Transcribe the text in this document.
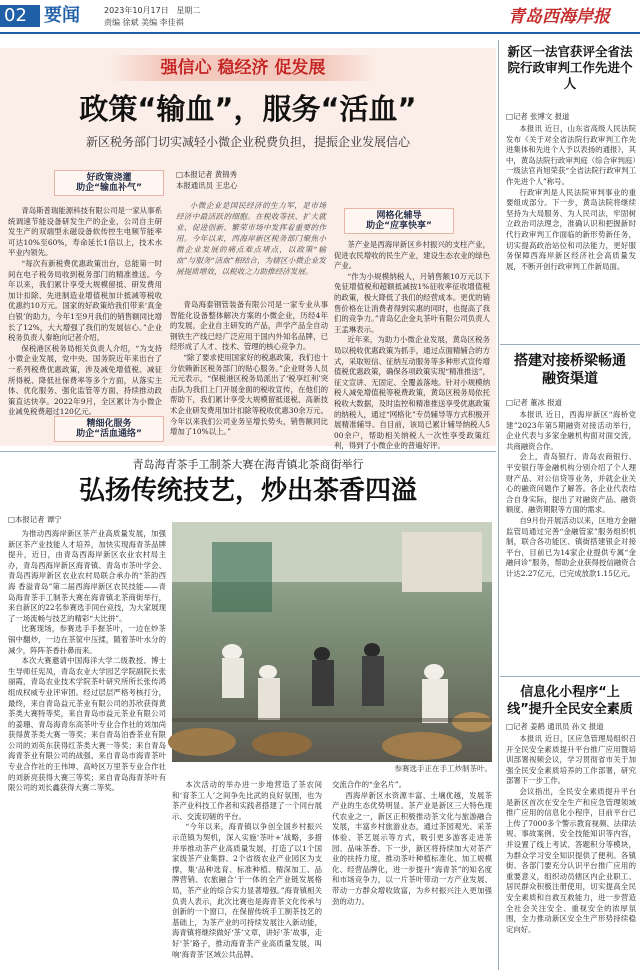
02 要闻	2023年10月17日 星期二
责编 徐斌 美编 李佳祺	青岛西海岸报
强信心 稳经济 促发展
政策“输血”，服务“活血”
新区税务部门切实减轻小微企业税费负担，提振企业发展信心
好政策浇灌
助企“输血补气”

青岛斯普瑞能源科技有限公司是一家从事系统调速节能设备研发生产的企业，公司自主研发生产的双端型永磁设备软传控生电频节能率可达10%至60%，寿命延长1倍以上，技术水平业内领先。

“每次有新税费优惠政策出台，总能第一时间在电子税务局收到税务部门的精准推送。今年以来，我们累计享受大规模留抵、研发费用加计扣除、先进制造业增值税加计抵减等税收优惠约10万元。国家的好政策给我们带来‘真金白银’的助力，今年1至9月我们的销售额同比增长了12%，大大增强了我们的发展信心。”企业税务负责人秦艳向记者介绍。

保税港区税务局相关负责人介绍，“为支持小微企业发展，党中央、国务院近年来出台了一系列税费优惠政策，涉及减免增值税、减征所得税、降低社保费率等多个方面，从落实主体、优化服务、强化监管等方面，持续推动政策直达快享。2022年9月，全区累计为小微企业减免税费超过120亿元。

精细化服务
助企“活血通络”
□本报记者 黄锦秀
本报通讯员 王忠心
小微企业是国民经济的生力军，是市场经济中最活跃的细胞。在税收等扶、扩大就业、促进创新、繁荣市场中发挥着重要的作用。今年以来，西海岸新区税务部门聚焦小微企业发展的痛点难点堵点，以政策“输血”与服务“活血”相结合，为辖区小微企业发展提质增效，以税收之力助推经济发展。

青岛海泰钢管装备有限公司是一家专业从事智能化设备整体解决方案的小微企业，历经4年的发展，企业自主研发的产品，声学产品全自动钢铁生产线已经广泛应用于国内外知名品牌，已经形成了人才、技术、管理的核心竞争力。

“除了要求使用国家好的税惠政策，我们也十分依赖新区税务部门的贴心服务。”企业财务人员元元表示，“保税港区税务局派出了‘税享红利’突击队为我们上门开展金面的税收宣传，在他们的帮助下，我们累计享受大规模留抵退税、高新技术企业研发费用加计扣除等税收优惠30余万元。今年以来我们公司业务呈增长势头，销售额同比增加了10%以上。”

网格化辅导
助企“应享快享”

茶产业是西海岸新区乡村振兴的支柱产业，促进农民增收的民生产业，建设生态农业的绿色产业。

“作为小规模纳税人，月销售额10万元以下免征增值税和超额抵减按1%征收率征收增值税的政策，极大降低了我们的经营成本。更优的销售价格在让消费者得到实惠的同时，也提高了我们的竞争力。”青岛亿企金丸茶叶有限公司负责人王孟琳表示。

近年来，为助力小微企业发展，黄岛区税务局以税收优惠政策为抓手，通过点面精辅合的方式，采取短信、征纳互动服务等多种形式宣传增值税优惠政策，确保各项政策实现“精准推送”，征文宣讲、无固定、全覆盖落地。针对小规模纳税人减免增值税等税费政策，黄岛区税务局依托税收大数据，及时监控和精准推送享受优惠政策的纳税人，通过“网格化”专员辅导等方式积极开展精准辅导。自目前，该局已累计辅导纳税人500余户，帮助相关纳税人一次性享受政策红利，得到了小微企业的普遍好评。

青岛海青茶手工制茶大赛在海青镇北茶商街举行
弘扬传统技艺，炒出茶香四溢
□本报记者 谭宁

为推动西海岸新区茶产业高质量发展，加强新区茶产业技能人才培养，加快实现海青茶品牌提升，近日，由青岛西海岸新区农业农村局主办，青岛西海岸新区海青镇、青岛市茶叶学会、青岛西海岸新区农业农村局联合承办的“茶韵西海 香溢青岛”第二届西海岸新区农民技能——青岛海青茶手工制茶大赛在海青镇北茶商街举行，来自新区的22名参赛选手同台竞技，为大家展现了一场流畅与技艺的精彩“大比拼”。

比赛现场，参赛选手手握茶叶，一边在炒茶锅中翻炒，一边在茶筐中压揉，随着茶叶水分的减少，阵阵茶香扑鼻而来。

本次大赛邀请中国海洋大学二级教授、博士生导师任宪凤，青岛农业大学园艺学院副院长张丽霞，青岛农业技术学院茶叶研究所所长张传鸿组成权威专业评审团。经过层层严格考核打分，最终，来自青岛益元茶业有限公司的苏欣获得黄茶类大赛特等奖，来自青岛市益元茶业有限公司的姜珊、青岛海青东高茶叶专业合作社的刘加尚获得黄茶类大赛一等奖；来自青岛泊香茶业有限公司的刘英东获得红茶类大赛一等奖；来自青岛海青茶业有限公司的战强、来自青岛市海青茶叶专业合作社的王伟坤、高岭区万里茶专业合作社的刘新亮获得大赛三等奖；来自青岛海青茶叶有限公司的刘长鑫获得大赛二等奖。

参赛选手正在手工炒制茶叶。

本次活动的举办进一步地营造了茶农间和‘育茶工人’之间争先比武的良好氛围，也为茶产业科技工作者和实践者搭建了一个同台展示、交流切磋的平台。

“今年以来，海青镇以争创全国乡村振兴示范镇为契机，深入实施‘茶叶+’战略，多措并举推动茶产业高质量发展，打造了以1个国家级茶产业集群、2个省级农业产业园区为支撑，集‘品种选育、标准种植、精深加工、品牌营销、农旅融合’于一体的全产业链发展格局，茶产业的综合实力显著增强。”海青镇相关负责人表示，此次比赛也是海青茶文化传承与创新的一个窗口，在保留传统手工制茶技艺的基础上，为茶产业的可持续发展注入新动能，海青镇将继续做好‘茶’文章，讲好‘茶’故事，走好‘茶’路子，推动海青茶产业高质量发展，叫响‘海青茶’区域公共品牌。

交流合作的“金名片”。

西海岸新区水资源丰富、土壤优越，发展茶产业的生态优势明显。茶产业是新区三大特色现代农业之一，新区正积极推动茶文化与旅游融合发展，丰富乡村旅游业态，通过茶园观光、采茶体验、茶艺展示等方式，吸引更多游客走进茶园、品味茶香。下一步，新区将持续加大对茶产业的扶持力度，推动茶叶种植标准化、加工规模化、经营品牌化，进一步提升“海青茶”的知名度和市场竞争力，以一片茶叶带动一方产业发展、带动一方群众增收致富，为乡村振兴注入更加强劲的动力。

新区一法官获评全省法院行政审判工作先进个人
□记者 张博文 报道

本报讯 近日，山东省高级人民法院发布《关于对全省法院行政审判工作先进集体和先进个人予以表扬的通报》，其中，黄岛法院行政审判庭（综合审判庭）一级法官肖旭荣获“全省法院行政审判工作先进个人”称号。

行政审判是人民法院审判事业的重要组成部分。下一步，黄岛法院将继续坚持为大局服务、为人民司法，牢固树立政治司法理念，准确认识和把握新时代行政审判工作面临的新形势新任务，切实提高政治站位和司法能力，更好服务保障西海岸新区经济社会高质量发展，不断开创行政审判工作新局面。

搭建对接桥梁畅通融资渠道
□记者 董冰 报道

本报讯 近日，西海岸新区“海桥党建”2023年第5期融资对接活动举行，企业代表与多家金融机构面对面交流，共商融资合作。

会上，青岛银行、青岛农商银行、平安银行等金融机构分别介绍了个人理财产品、对公信贷等业务，并就企业关心的融资问题作了解答。各企业代表结合自身实际，提出了对融资产品、融资额度、融资期限等方面的需求。

自9月份开展活动以来，区地方金融监管局通过完善“金融管家”服务组织机制，联合各功能区、镇街搭建银企对接平台，目前已为14家企业提供专属“金融问诊”服务，帮助企业获得授信融资合计达2.27亿元，已完成放款1.15亿元。

信息化小程序“上线”提升全民安全素质
□记者 姜鹤 通讯员 孙文 报道

本报讯 近日，区应急管理局组织召开全民安全素质提升平台推广应用暨培训部署视频会议，学习贯彻省市关于加强全民安全素质培养的工作部署，研究部署下一步工作。

会议指出，全民安全素质提升平台是新区首次在安全生产和应急管理领域推广应用的信息化小程序，目前平台已上传了7000多个警示教育视频、法律法规、事故案例、安全技能知识等内容，并设置了线上考试、答题积分等模块，为群众学习安全知识提供了便利。各镇街、各部门要充分认识平台推广应用的重要意义，组织动员辖区内企业职工、居民群众积极注册使用，切实提高全民安全素质和自救互救能力，进一步营造全社会关注安全、重视安全的浓厚氛围，全力推动新区安全生产形势持续稳定向好。
